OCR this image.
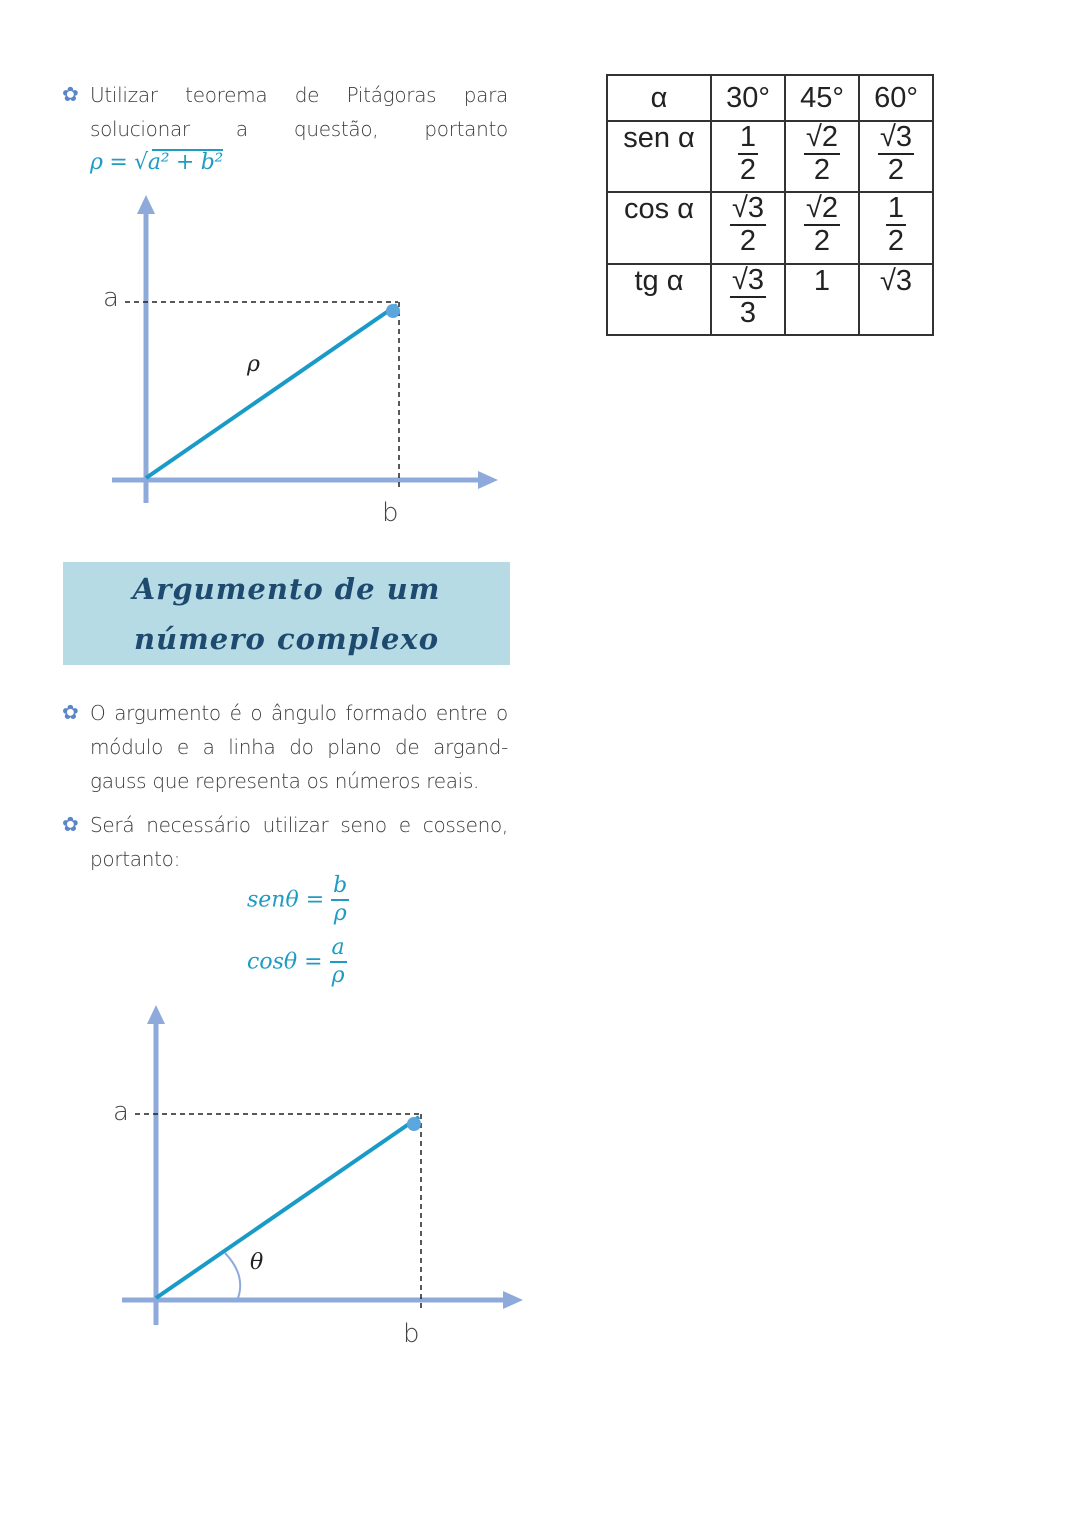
✿ Utilizar teorema de Pitágoras para
solucionar a questão, portanto
ρ = √a² + b²
a
ρ
b
Argumento de um
número complexo
✿ O argumento é o ângulo formado entre o
módulo e a linha do plano de argand-
gauss que representa os números reais.
✿ Será necessário utilizar seno e cosseno,
portanto:
$sen\theta = \frac{b}{\rho}$
$\cos\theta = \frac{a}{\rho}$
a
θ
b
α	30°	45°	60°
sen α	$\frac{1}{2}$	$\frac{√2}{2}$	$\frac{√3}{2}$

cos α	$\frac{√3}{2}$	$\frac{√2}{2}$	$\frac{1}{2}$

tg α	$\frac{√3}{3}$	1	√3
